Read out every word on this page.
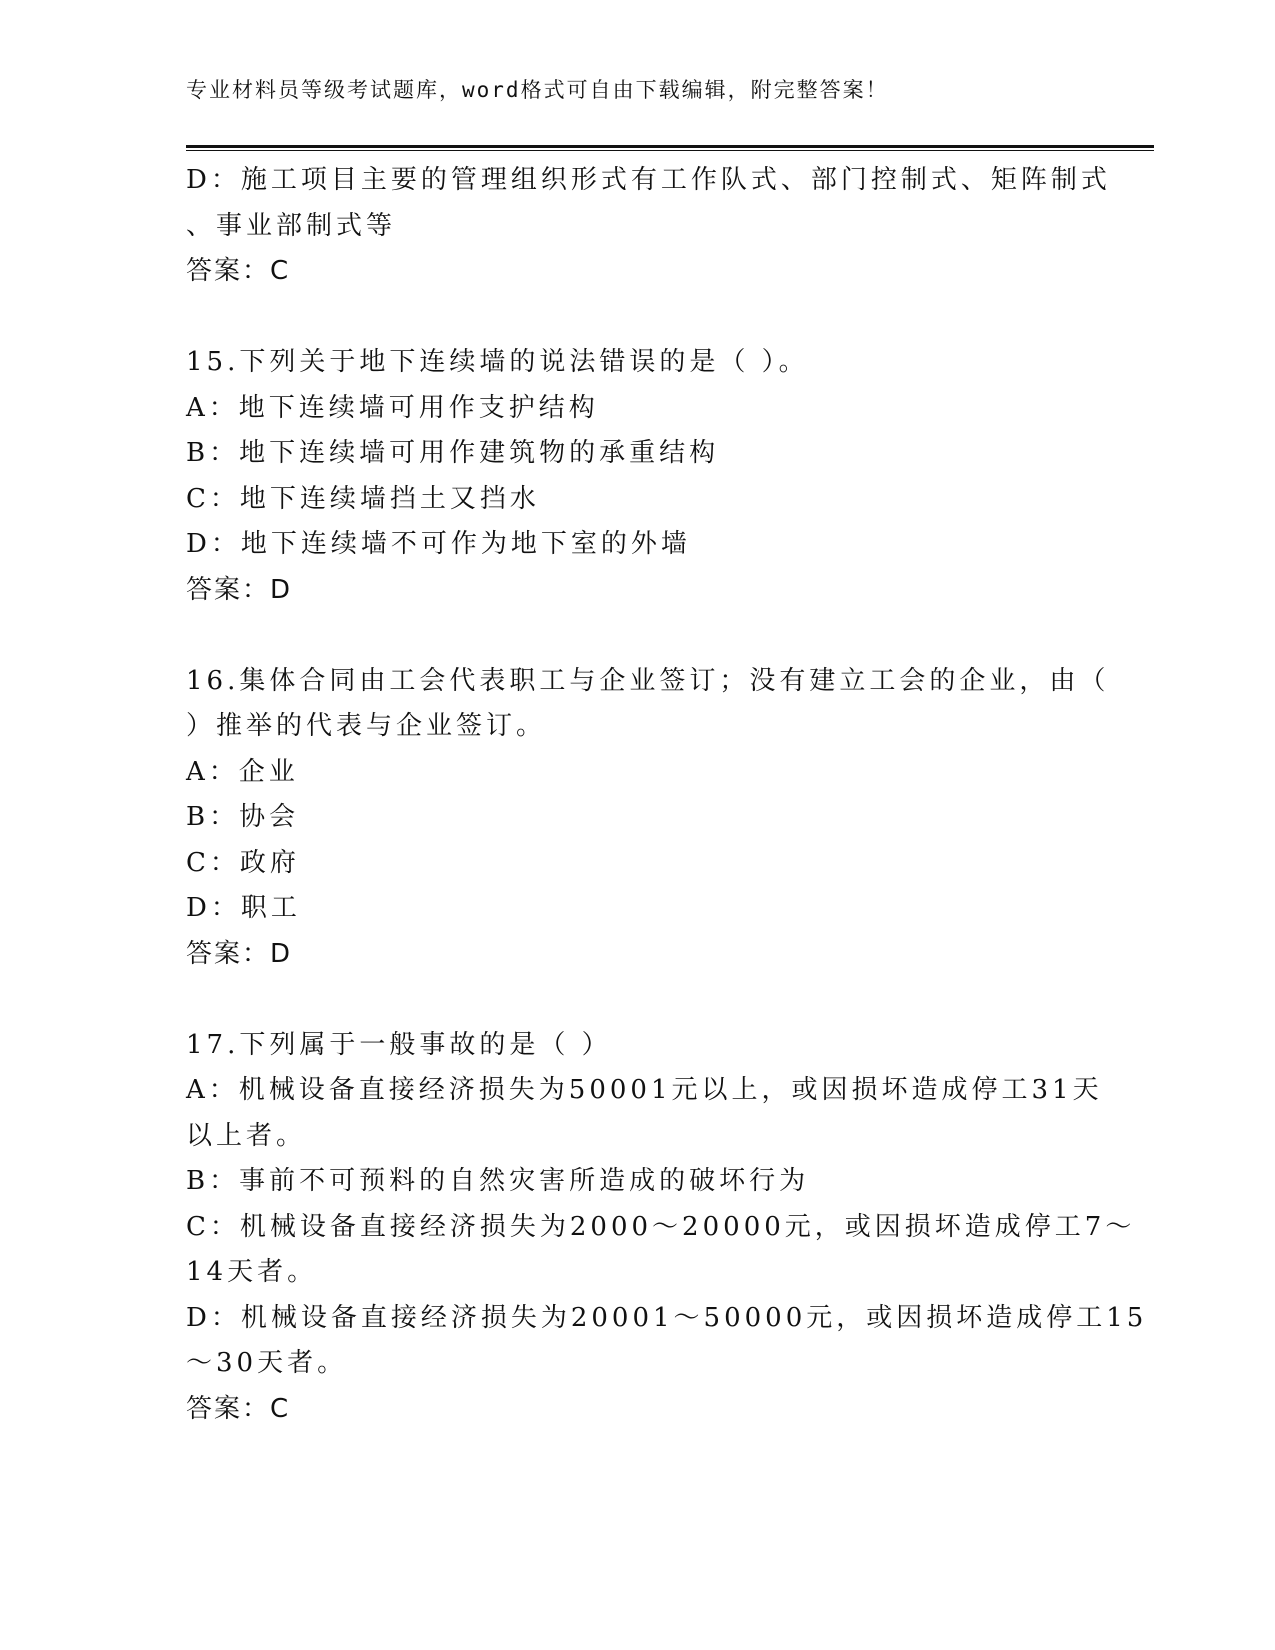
专业材料员等级考试题库，word格式可自由下载编辑，附完整答案！
D：施工项目主要的管理组织形式有工作队式、部门控制式、矩阵制式
、事业部制式等
答案：C
15.下列关于地下连续墙的说法错误的是（ ）。
A：地下连续墙可用作支护结构
B：地下连续墙可用作建筑物的承重结构
C：地下连续墙挡土又挡水
D：地下连续墙不可作为地下室的外墙
答案：D
16.集体合同由工会代表职工与企业签订；没有建立工会的企业，由（
）推举的代表与企业签订。
A：企业
B：协会
C：政府
D：职工
答案：D
17.下列属于一般事故的是（ ）
A：机械设备直接经济损失为50001元以上，或因损坏造成停工31天
以上者。
B：事前不可预料的自然灾害所造成的破坏行为
C：机械设备直接经济损失为2000～20000元，或因损坏造成停工7～
14天者。
D：机械设备直接经济损失为20001～50000元，或因损坏造成停工15
～30天者。
答案：C
